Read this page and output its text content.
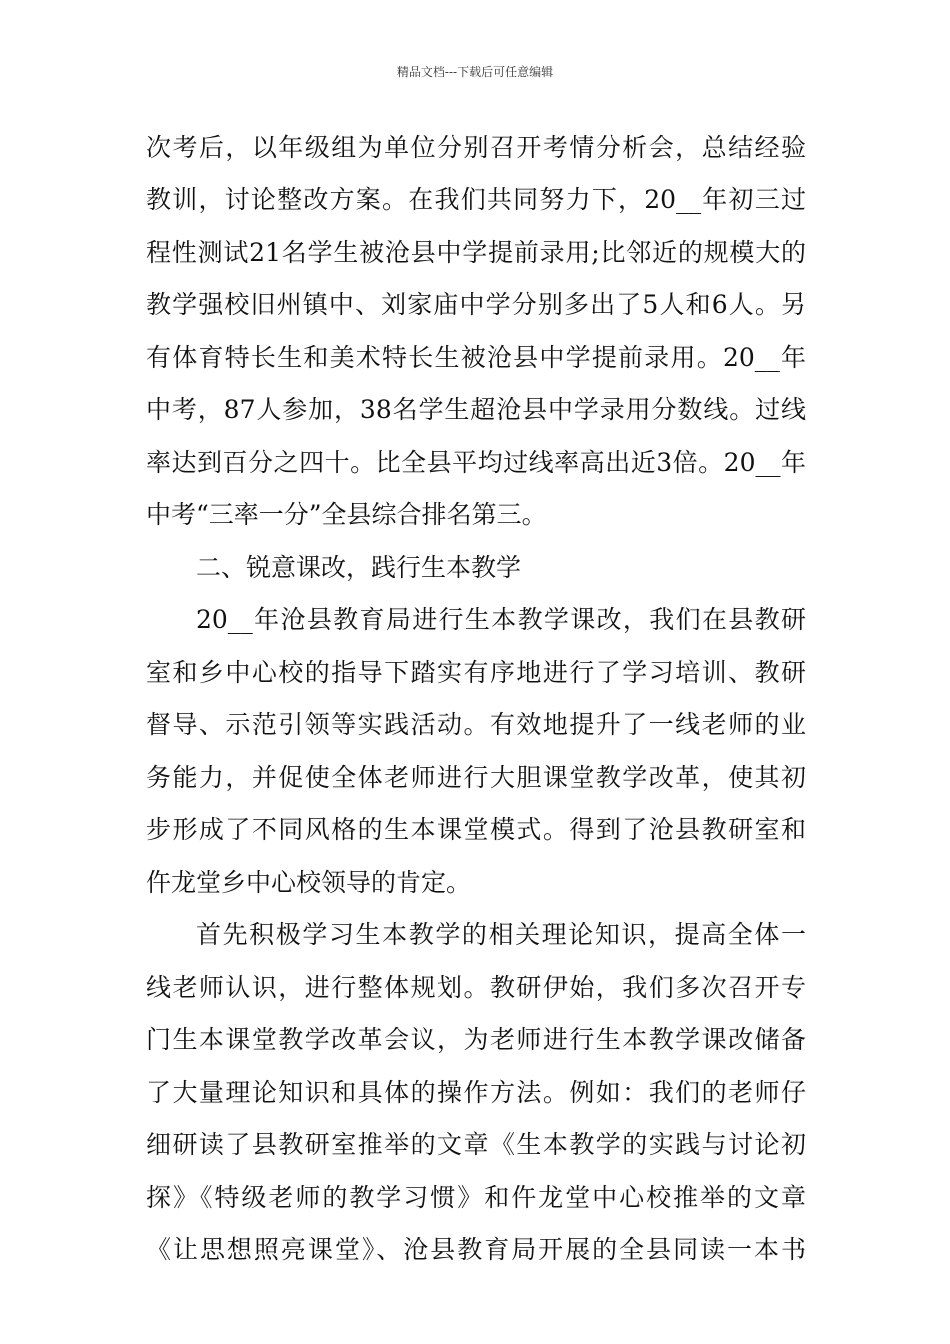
精品文档---下载后可任意编辑
次考后，以年级组为单位分别召开考情分析会，总结经验
教训，讨论整改方案。在我们共同努力下，20__年初三过
程性测试21名学生被沧县中学提前录用;比邻近的规模大的
教学强校旧州镇中、刘家庙中学分别多出了5人和6人。另
有体育特长生和美术特长生被沧县中学提前录用。20__年
中考，87人参加，38名学生超沧县中学录用分数线。过线
率达到百分之四十。比全县平均过线率高出近3倍。20__年
中考“三率一分”全县综合排名第三。
二、锐意课改，践行生本教学
20__年沧县教育局进行生本教学课改，我们在县教研
室和乡中心校的指导下踏实有序地进行了学习培训、教研
督导、示范引领等实践活动。有效地提升了一线老师的业
务能力，并促使全体老师进行大胆课堂教学改革，使其初
步形成了不同风格的生本课堂模式。得到了沧县教研室和
仵龙堂乡中心校领导的肯定。
首先积极学习生本教学的相关理论知识，提高全体一
线老师认识，进行整体规划。教研伊始，我们多次召开专
门生本课堂教学改革会议，为老师进行生本教学课改储备
了大量理论知识和具体的操作方法。例如：我们的老师仔
细研读了县教研室推举的文章《生本教学的实践与讨论初
探》《特级老师的教学习惯》和仵龙堂中心校推举的文章
《让思想照亮课堂》、沧县教育局开展的全县同读一本书
